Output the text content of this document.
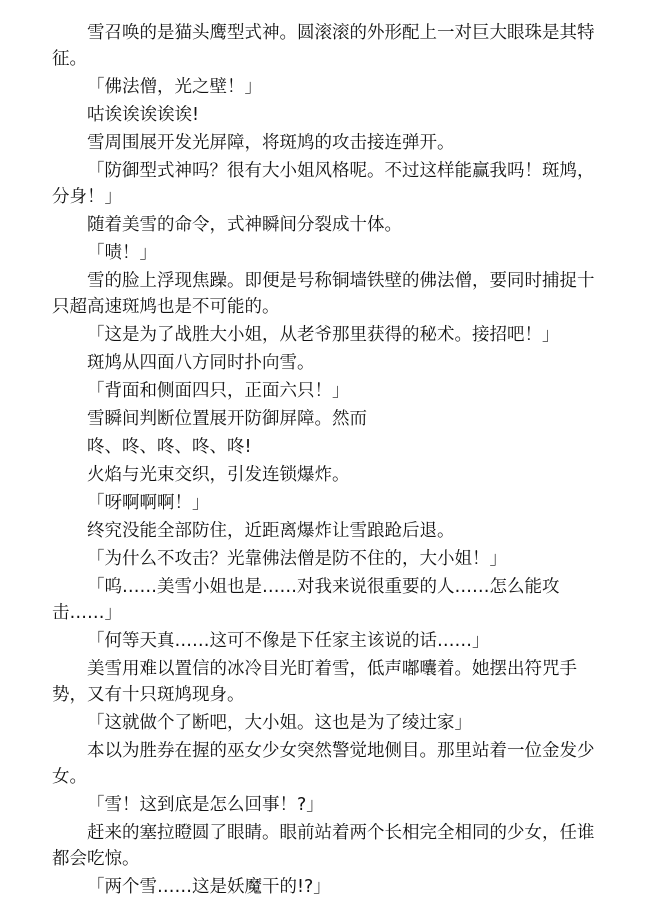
雪召唤的是猫头鹰型式神。圆滚滚的外形配上一对巨大眼珠是其特征。

「佛法僧，光之壁！」

咕诶诶诶诶诶!

雪周围展开发光屏障，将斑鸠的攻击接连弹开。

「防御型式神吗？很有大小姐风格呢。不过这样能赢我吗！斑鸠，分身！」

随着美雪的命令，式神瞬间分裂成十体。

「啧！」

雪的脸上浮现焦躁。即便是号称铜墙铁壁的佛法僧，要同时捕捉十只超高速斑鸠也是不可能的。

「这是为了战胜大小姐，从老爷那里获得的秘术。接招吧！」

斑鸠从四面八方同时扑向雪。

「背面和侧面四只，正面六只！」

雪瞬间判断位置展开防御屏障。然而

咚、咚、咚、咚、咚!

火焰与光束交织，引发连锁爆炸。

「呀啊啊啊！」

终究没能全部防住，近距离爆炸让雪踉跄后退。

「为什么不攻击？光靠佛法僧是防不住的，大小姐！」

「呜……美雪小姐也是……对我来说很重要的人……怎么能攻击……」

「何等天真……这可不像是下任家主该说的话……」

美雪用难以置信的冰冷目光盯着雪，低声嘟囔着。她摆出符咒手势，又有十只斑鸠现身。

「这就做个了断吧，大小姐。这也是为了绫辻家」

本以为胜券在握的巫女少女突然警觉地侧目。那里站着一位金发少女。

「雪！这到底是怎么回事！?」

赶来的塞拉瞪圆了眼睛。眼前站着两个长相完全相同的少女，任谁都会吃惊。

「两个雪……这是妖魔干的!?」
